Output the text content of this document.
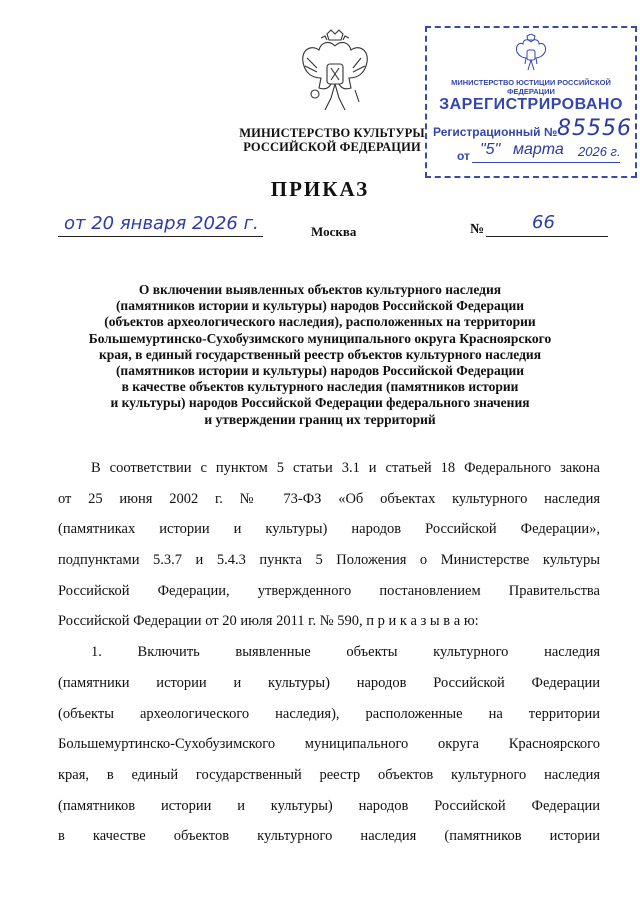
МИНИСТЕРСТВО КУЛЬТУРЫ
РОССИЙСКОЙ ФЕДЕРАЦИИ
МИНИСТЕРСТВО ЮСТИЦИИ РОССИЙСКОЙ ФЕДЕРАЦИИ
ЗАРЕГИСТРИРОВАНО
Регистрационный № 85556
от "5" марта 2026 г.
ПРИКАЗ
от 20 января 2026 г.	Москва	№	66
О включении выявленных объектов культурного наследия
(памятников истории и культуры) народов Российской Федерации
(объектов археологического наследия), расположенных на территории
Большемуртинско-Сухобузимского муниципального округа Красноярского
края, в единый государственный реестр объектов культурного наследия
(памятников истории и культуры) народов Российской Федерации
в качестве объектов культурного наследия (памятников истории
и культуры) народов Российской Федерации федерального значения
и утверждении границ их территорий
В соответствии с пунктом 5 статьи 3.1 и статьей 18 Федерального закона
от 25 июня 2002 г. № 73-ФЗ «Об объектах культурного наследия
(памятниках истории и культуры) народов Российской Федерации»,
подпунктами 5.3.7 и 5.4.3 пункта 5 Положения о Министерстве культуры
Российской Федерации, утвержденного постановлением Правительства
Российской Федерации от 20 июля 2011 г. № 590, п р и к а з ы в а ю:
1. Включить выявленные объекты культурного наследия
(памятники истории и культуры) народов Российской Федерации
(объекты археологического наследия), расположенные на территории
Большемуртинско-Сухобузимского муниципального округа Красноярского
края, в единый государственный реестр объектов культурного наследия
(памятников истории и культуры) народов Российской Федерации
в качестве объектов культурного наследия (памятников истории
